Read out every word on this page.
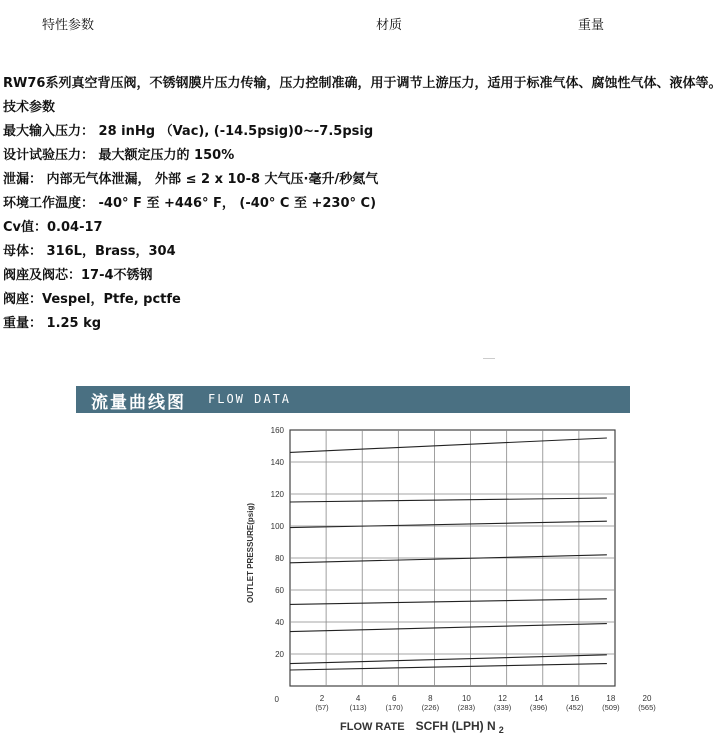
特性参数	材质	重量

RW76系列真空背压阀，不锈钢膜片压力传输，压力控制准确，用于调节上游压力，适用于标准气体、腐蚀性气体、液体等。

技术参数

最大输入压力： 28 inHg （Vac), (-14.5psig)0~-7.5psig

设计试验压力： 最大额定压力的 150%

泄漏： 内部无气体泄漏， 外部 ≤ 2 x 10-8 大气压·毫升/秒氦气

环境工作温度： -40° F 至 +446° F， (-40° C 至 +230° C)

Cv值：0.04-17

母体： 316L，Brass，304

阀座及阀芯：17-4不锈钢

阀座：Vespel，Ptfe, pctfe

重量： 1.25 kg

流量曲线图 FLOW DATA
0
20
40
60
80
100
120
140
160
2
(57)
4
(113)
6
(170)
8
(226)
10
(283)
12
(339)
14
(396)
16
(452)
18
(509)
20
(565)
OUTLET PRESSURE(psig)
FLOW RATE SCFH (LPH) N $_2$
